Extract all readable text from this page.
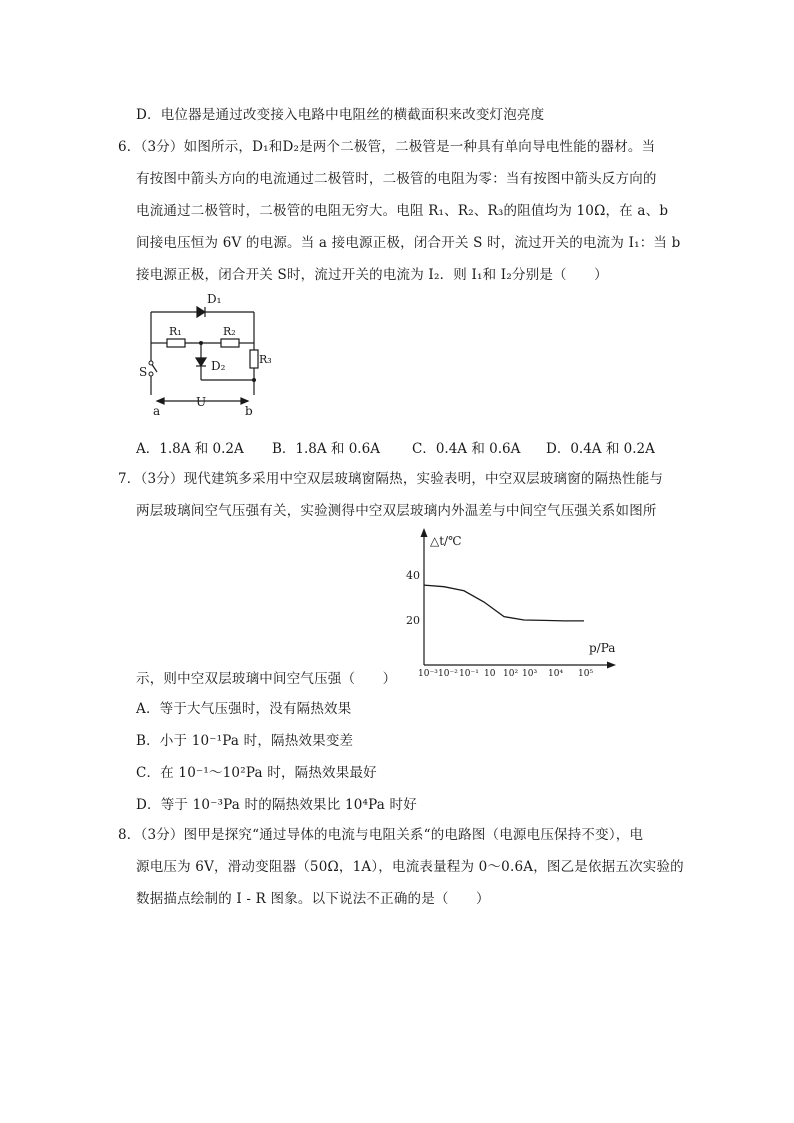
D．电位器是通过改变接入电路中电阻丝的横截面积来改变灯泡亮度
6．（3分）如图所示，D₁和D₂是两个二极管，二极管是一种具有单向导电性能的器材。当
有按图中箭头方向的电流通过二极管时，二极管的电阻为零：当有按图中箭头反方向的
电流通过二极管时，二极管的电阻无穷大。电阻 R₁、R₂、R₃的阻值均为 10Ω，在 a、b
间接电压恒为 6V 的电源。当 a 接电源正极，闭合开关 S 时，流过开关的电流为 I₁：当 b
接电源正极，闭合开关 S时，流过开关的电流为 I₂．则 I₁和 I₂分别是（　　）
D₁
R₁	R₂
R₃
D₂
S
U
a	b
A．1.8A 和 0.2A B．1.8A 和 0.6A C．0.4A 和 0.6A D．0.4A 和 0.2A
7．（3分）现代建筑多采用中空双层玻璃窗隔热，实验表明，中空双层玻璃窗的隔热性能与
两层玻璃间空气压强有关，实验测得中空双层玻璃内外温差与中间空气压强关系如图所
△t/℃
p/Pa
40
20
10⁻³ 10⁻² 10⁻¹ 10 10² 10³ 10⁴ 10⁵
示，则中空双层玻璃中间空气压强（　　）
A．等于大气压强时，没有隔热效果
B．小于 10⁻¹Pa 时，隔热效果变差
C．在 10⁻¹～10²Pa 时，隔热效果最好
D．等于 10⁻³Pa 时的隔热效果比 10⁴Pa 时好
8．（3分）图甲是探究“通过导体的电流与电阻关系“的电路图（电源电压保持不变），电
源电压为 6V，滑动变阻器（50Ω，1A），电流表量程为 0～0.6A，图乙是依据五次实验的
数据描点绘制的 I - R 图象。以下说法不正确的是（　　）
